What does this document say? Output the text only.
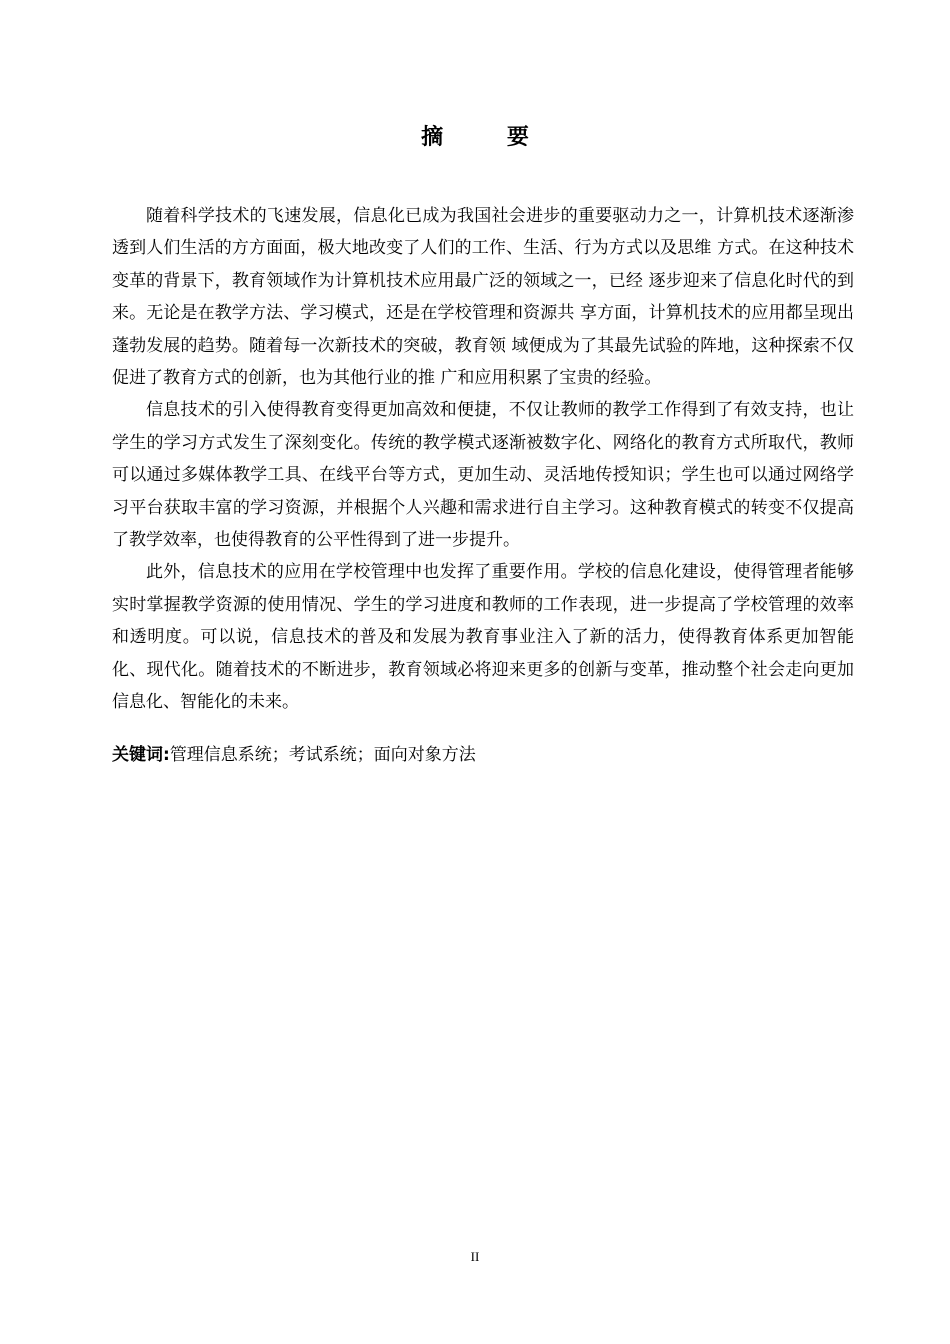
摘 要

随着科学技术的飞速发展，信息化已成为我国社会进步的重要驱动力之一，计算机技术逐渐渗透到人们生活的方方面面，极大地改变了人们的工作、生活、行为方式以及思维 方式。在这种技术变革的背景下，教育领域作为计算机技术应用最广泛的领域之一，已经 逐步迎来了信息化时代的到来。无论是在教学方法、学习模式，还是在学校管理和资源共 享方面，计算机技术的应用都呈现出蓬勃发展的趋势。随着每一次新技术的突破，教育领 域便成为了其最先试验的阵地，这种探索不仅促进了教育方式的创新，也为其他行业的推 广和应用积累了宝贵的经验。

信息技术的引入使得教育变得更加高效和便捷，不仅让教师的教学工作得到了有效支持，也让学生的学习方式发生了深刻变化。传统的教学模式逐渐被数字化、网络化的教育方式所取代，教师可以通过多媒体教学工具、在线平台等方式，更加生动、灵活地传授知识；学生也可以通过网络学习平台获取丰富的学习资源，并根据个人兴趣和需求进行自主学习。这种教育模式的转变不仅提高了教学效率，也使得教育的公平性得到了进一步提升。

此外，信息技术的应用在学校管理中也发挥了重要作用。学校的信息化建设，使得管理者能够实时掌握教学资源的使用情况、学生的学习进度和教师的工作表现，进一步提高了学校管理的效率和透明度。可以说，信息技术的普及和发展为教育事业注入了新的活力，使得教育体系更加智能化、现代化。随着技术的不断进步，教育领域必将迎来更多的创新与变革，推动整个社会走向更加信息化、智能化的未来。

关键词:管理信息系统；考试系统；面向对象方法

II
